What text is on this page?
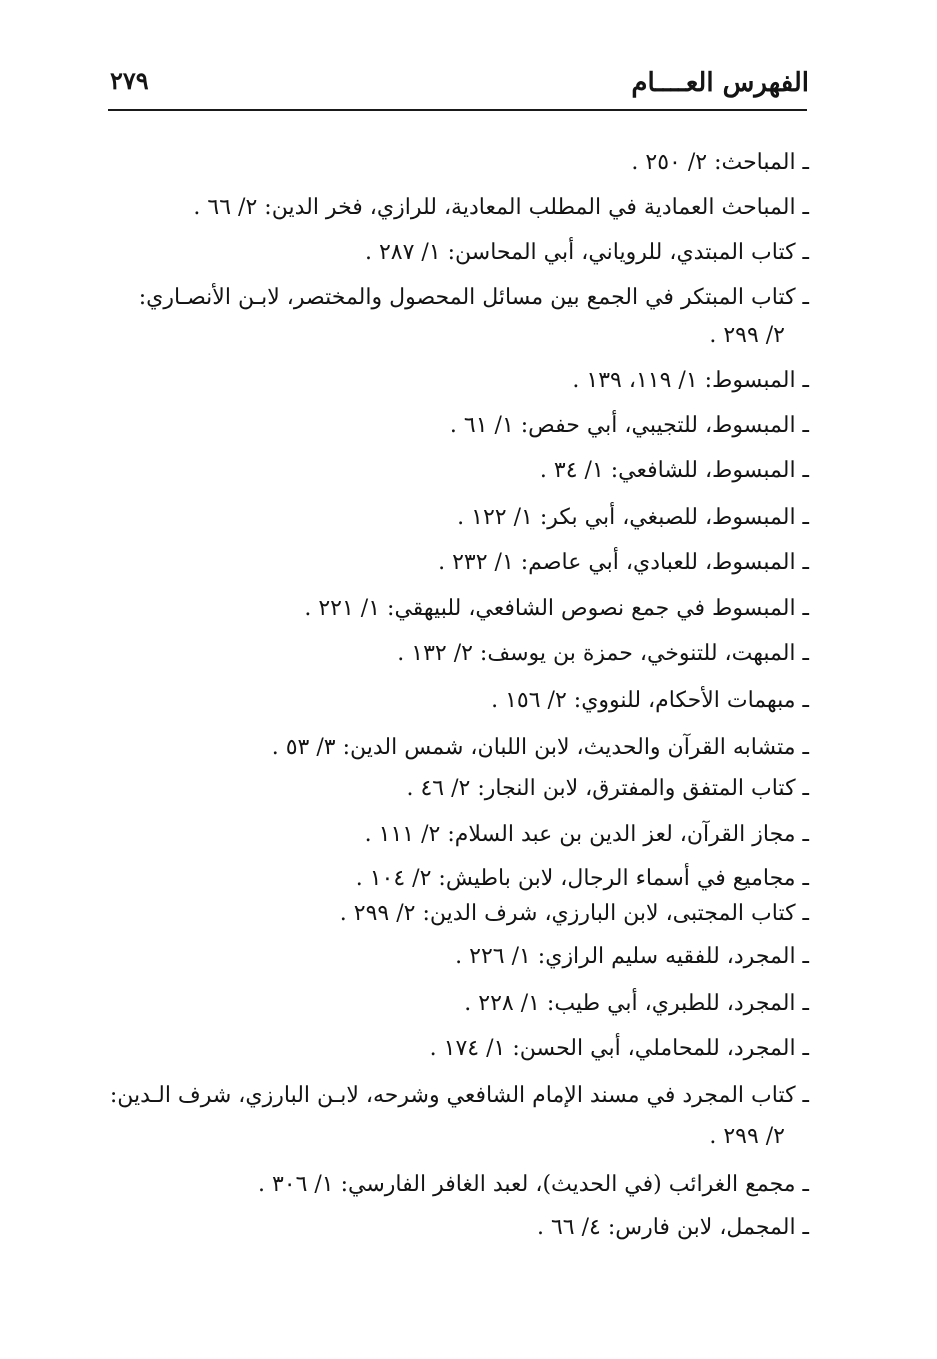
الفهرس العــــام
٢٧٩
ـ المباحث: ٢/ ٢٥٠ .
ـ المباحث العمادية في المطلب المعادية، للرازي، فخر الدين: ٢/ ٦٦ .
ـ كتاب المبتدي، للروياني، أبي المحاسن: ١/ ٢٨٧ .
ـ كتاب المبتكر في الجمع بين مسائل المحصول والمختصر، لابـن الأنصـاري:
٢/ ٢٩٩ .
ـ المبسوط: ١/ ١١٩، ١٣٩ .
ـ المبسوط، للتجيبي، أبي حفص: ١/ ٦١ .
ـ المبسوط، للشافعي: ١/ ٣٤ .
ـ المبسوط، للصبغي، أبي بكر: ١/ ١٢٢ .
ـ المبسوط، للعبادي، أبي عاصم: ١/ ٢٣٢ .
ـ المبسوط في جمع نصوص الشافعي، للبيهقي: ١/ ٢٢١ .
ـ المبهت، للتنوخي، حمزة بن يوسف: ٢/ ١٣٢ .
ـ مبهمات الأحكام، للنووي: ٢/ ١٥٦ .
ـ متشابه القرآن والحديث، لابن اللبان، شمس الدين: ٣/ ٥٣ .
ـ كتاب المتفق والمفترق، لابن النجار: ٢/ ٤٦ .
ـ مجاز القرآن، لعز الدين بن عبد السلام: ٢/ ١١١ .
ـ مجاميع في أسماء الرجال، لابن باطيش: ٢/ ١٠٤ .
ـ كتاب المجتبى، لابن البارزي، شرف الدين: ٢/ ٢٩٩ .
ـ المجرد، للفقيه سليم الرازي: ١/ ٢٢٦ .
ـ المجرد، للطبري، أبي طيب: ١/ ٢٢٨ .
ـ المجرد، للمحاملي، أبي الحسن: ١/ ١٧٤ .
ـ كتاب المجرد في مسند الإمام الشافعي وشرحه، لابـن البارزي، شرف الـدين:
٢/ ٢٩٩ .
ـ مجمع الغرائب (في الحديث)، لعبد الغافر الفارسي: ١/ ٣٠٦ .
ـ المجمل، لابن فارس: ٤/ ٦٦ .
